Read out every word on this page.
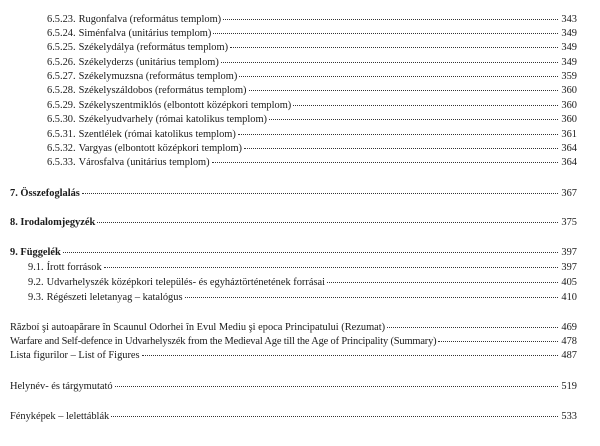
6.5.23. Rugonfalva (református templom)	343
6.5.24. Siménfalva (unitárius templom)	349
6.5.25. Székelydálya (református templom)	349
6.5.26. Székelyderzs (unitárius templom)	349
6.5.27. Székelymuzsna (református templom)	359
6.5.28. Székelyszáldobos (református templom)	360
6.5.29. Székelyszentmiklós (elbontott középkori templom)	360
6.5.30. Székelyudvarhely (római katolikus templom)	360
6.5.31. Szentlélek (római katolikus templom)	361
6.5.32. Vargyas (elbontott középkori templom)	364
6.5.33. Városfalva (unitárius templom)	364
7. Összefoglalás	367
8. Irodalomjegyzék	375
9. Függelék	397
9.1. Írott források	397
9.2. Udvarhelyszék középkori település- és egyháztörténetének forrásai	405
9.3. Régészeti leletanyag – katalógus	410
Războí şi autoapărare în Scaunul Odorhei în Evul Mediu şi epoca Principatului (Rezumat)	469
Warfare and Self-defence in Udvarhelyszék from the Medieval Age till the Age of Principality (Summary)	478
Lista figurilor – List of Figures	487
Helynév- és tárgymutató	519
Fényképek – lelettáblák	533
